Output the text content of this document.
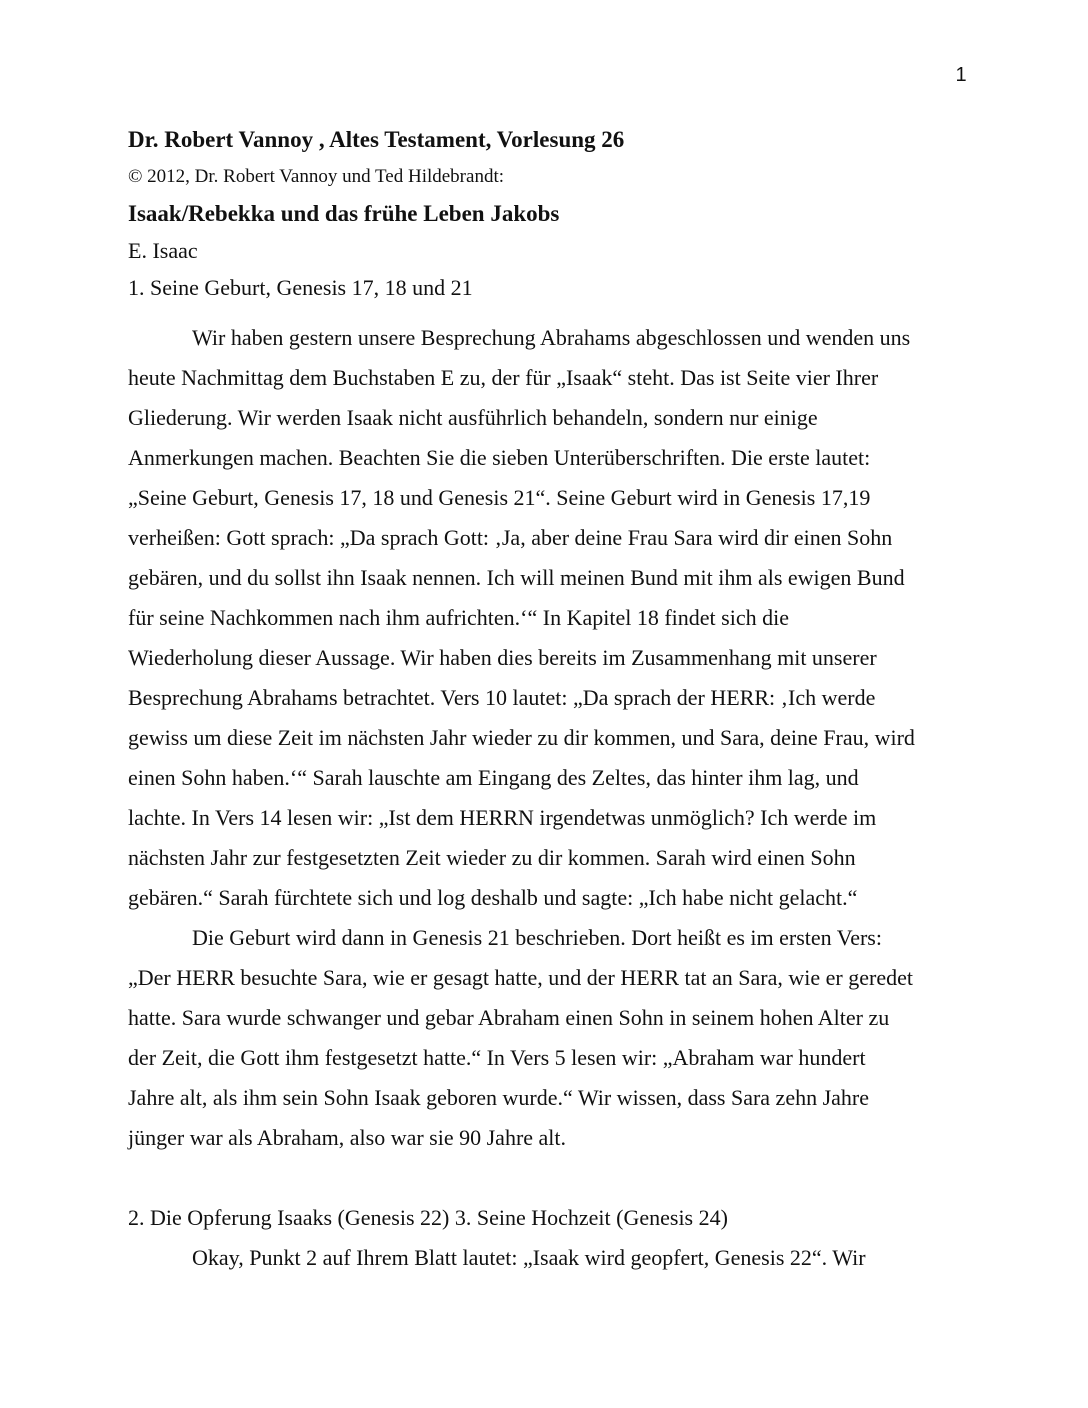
1
Dr. Robert Vannoy , Altes Testament, Vorlesung 26
© 2012, Dr. Robert Vannoy und Ted Hildebrandt:
Isaak/Rebekka und das frühe Leben Jakobs
E. Isaac
1. Seine Geburt, Genesis 17, 18 und 21
Wir haben gestern unsere Besprechung Abrahams abgeschlossen und wenden uns
heute Nachmittag dem Buchstaben E zu, der für „Isaak“ steht. Das ist Seite vier Ihrer
Gliederung. Wir werden Isaak nicht ausführlich behandeln, sondern nur einige
Anmerkungen machen. Beachten Sie die sieben Unterüberschriften. Die erste lautet:
„Seine Geburt, Genesis 17, 18 und Genesis 21“. Seine Geburt wird in Genesis 17,19
verheißen: Gott sprach: „Da sprach Gott: ‚Ja, aber deine Frau Sara wird dir einen Sohn
gebären, und du sollst ihn Isaak nennen. Ich will meinen Bund mit ihm als ewigen Bund
für seine Nachkommen nach ihm aufrichten.‘“ In Kapitel 18 findet sich die
Wiederholung dieser Aussage. Wir haben dies bereits im Zusammenhang mit unserer
Besprechung Abrahams betrachtet. Vers 10 lautet: „Da sprach der HERR: ‚Ich werde
gewiss um diese Zeit im nächsten Jahr wieder zu dir kommen, und Sara, deine Frau, wird
einen Sohn haben.‘“ Sarah lauschte am Eingang des Zeltes, das hinter ihm lag, und
lachte. In Vers 14 lesen wir: „Ist dem HERRN irgendetwas unmöglich? Ich werde im
nächsten Jahr zur festgesetzten Zeit wieder zu dir kommen. Sarah wird einen Sohn
gebären.“ Sarah fürchtete sich und log deshalb und sagte: „Ich habe nicht gelacht.“
Die Geburt wird dann in Genesis 21 beschrieben. Dort heißt es im ersten Vers:
„Der HERR besuchte Sara, wie er gesagt hatte, und der HERR tat an Sara, wie er geredet
hatte. Sara wurde schwanger und gebar Abraham einen Sohn in seinem hohen Alter zu
der Zeit, die Gott ihm festgesetzt hatte.“ In Vers 5 lesen wir: „Abraham war hundert
Jahre alt, als ihm sein Sohn Isaak geboren wurde.“ Wir wissen, dass Sara zehn Jahre
jünger war als Abraham, also war sie 90 Jahre alt.

2. Die Opferung Isaaks (Genesis 22) 3. Seine Hochzeit (Genesis 24)
Okay, Punkt 2 auf Ihrem Blatt lautet: „Isaak wird geopfert, Genesis 22“. Wir
